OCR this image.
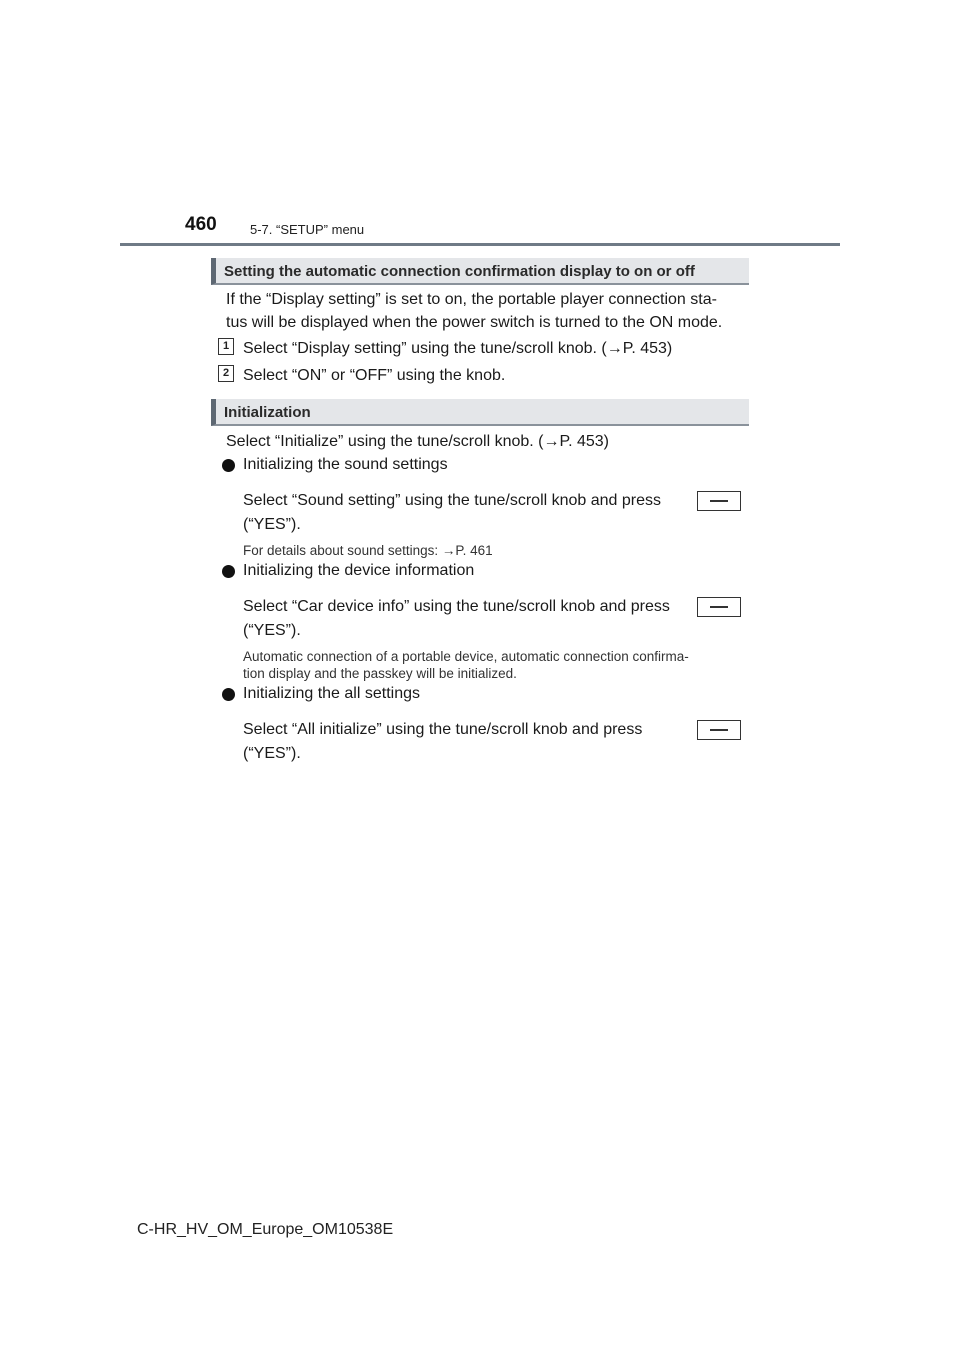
460	5-7. “SETUP” menu
Setting the automatic connection confirmation display to on or off
If the “Display setting” is set to on, the portable player connection sta-
tus will be displayed when the power switch is turned to the ON mode.
1 Select “Display setting” using the tune/scroll knob. (→P. 453)
2 Select “ON” or “OFF” using the knob.
Initialization
Select “Initialize” using the tune/scroll knob. (→P. 453)
Initializing the sound settings
Select “Sound setting” using the tune/scroll knob and press
(“YES”).
For details about sound settings: →P. 461
Initializing the device information
Select “Car device info” using the tune/scroll knob and press
(“YES”).
Automatic connection of a portable device, automatic connection confirma-
tion display and the passkey will be initialized.
Initializing the all settings
Select “All initialize” using the tune/scroll knob and press
(“YES”).
C-HR_HV_OM_Europe_OM10538E
